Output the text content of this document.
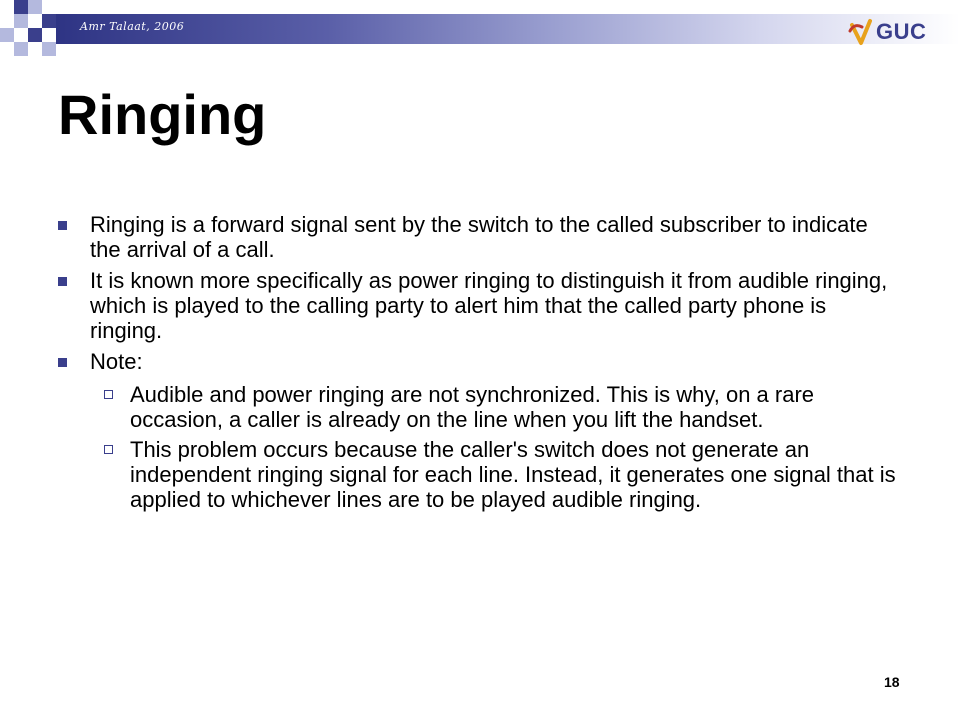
Amr Talaat, 2006	GUC
Ringing
Ringing is a forward signal sent by the switch to the called subscriber to indicate the arrival of a call.
It is known more specifically as power ringing to distinguish it from audible ringing, which is played to the calling party to alert him that the called party phone is ringing.
Note:
Audible and power ringing are not synchronized. This is why, on a rare occasion, a caller is already on the line when you lift the handset.
This problem occurs because the caller's switch does not generate an independent ringing signal for each line. Instead, it generates one signal that is applied to whichever lines are to be played audible ringing.
18
